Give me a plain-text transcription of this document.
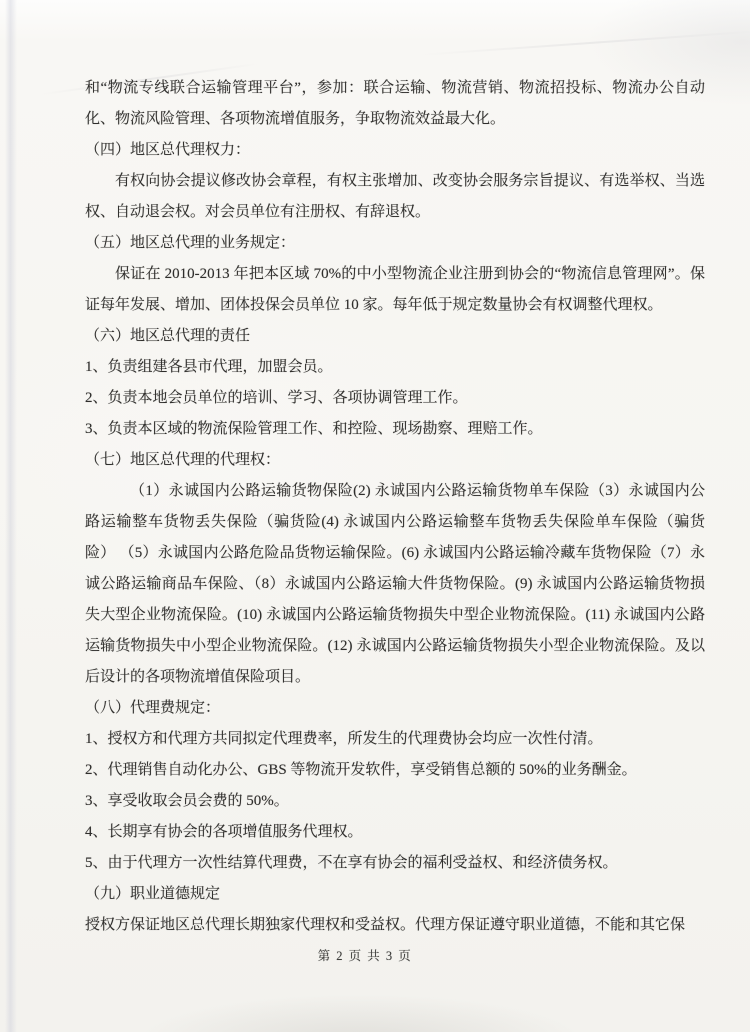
和“物流专线联合运输管理平台”，参加：联合运输、物流营销、物流招投标、物流办公自动化、物流风险管理、各项物流增值服务，争取物流效益最大化。

（四）地区总代理权力：

有权向协会提议修改协会章程，有权主张增加、改变协会服务宗旨提议、有选举权、当选权、自动退会权。对会员单位有注册权、有辞退权。

（五）地区总代理的业务规定：

保证在 2010-2013 年把本区域 70%的中小型物流企业注册到协会的“物流信息管理网”。保证每年发展、增加、团体投保会员单位 10 家。每年低于规定数量协会有权调整代理权。

（六）地区总代理的责任

1、负责组建各县市代理，加盟会员。

2、负责本地会员单位的培训、学习、各项协调管理工作。

3、负责本区域的物流保险管理工作、和控险、现场勘察、理赔工作。

（七）地区总代理的代理权：

（1）永诚国内公路运输货物保险(2) 永诚国内公路运输货物单车保险（3）永诚国内公路运输整车货物丢失保险（骗货险(4) 永诚国内公路运输整车货物丢失保险单车保险（骗货险） （5）永诚国内公路危险品货物运输保险。(6) 永诚国内公路运输冷藏车货物保险（7）永诚公路运输商品车保险、（8）永诚国内公路运输大件货物保险。(9) 永诚国内公路运输货物损失大型企业物流保险。(10) 永诚国内公路运输货物损失中型企业物流保险。(11) 永诚国内公路运输货物损失中小型企业物流保险。(12) 永诚国内公路运输货物损失小型企业物流保险。及以后设计的各项物流增值保险项目。

（八）代理费规定：

1、授权方和代理方共同拟定代理费率，所发生的代理费协会均应一次性付清。

2、代理销售自动化办公、GBS 等物流开发软件，享受销售总额的 50%的业务酬金。

3、享受收取会员会费的 50%。

4、长期享有协会的各项增值服务代理权。

5、由于代理方一次性结算代理费，不在享有协会的福利受益权、和经济债务权。

（九）职业道德规定

授权方保证地区总代理长期独家代理权和受益权。代理方保证遵守职业道德，不能和其它保

第 2 页 共 3 页
